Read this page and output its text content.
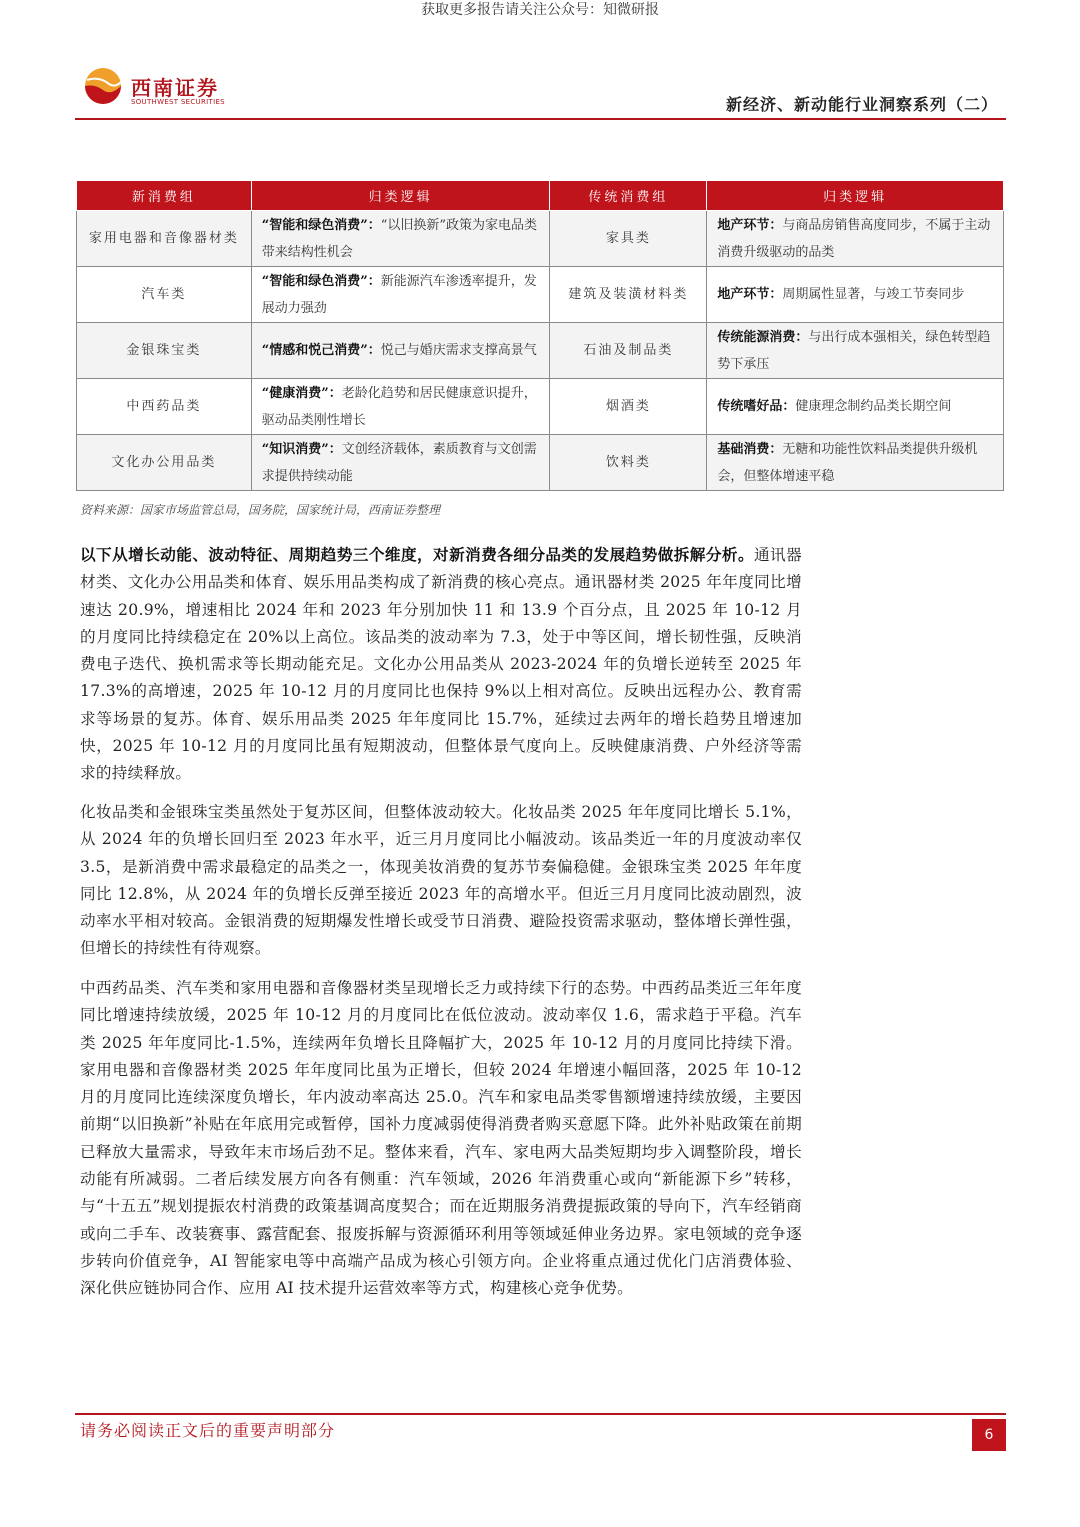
获取更多报告请关注公众号：知微研报
西南证券
SOUTHWEST SECURITIES	新经济、新动能行业洞察系列（二）
新消费组	归类逻辑	传统消费组	归类逻辑
家用电器和音像器材类	“智能和绿色消费”：“以旧换新”政策为家电品类带来结构性机会	家具类	地产环节：与商品房销售高度同步，不属于主动消费升级驱动的品类
汽车类	“智能和绿色消费”：新能源汽车渗透率提升，发展动力强劲	建筑及装潢材料类	地产环节：周期属性显著，与竣工节奏同步
金银珠宝类	“情感和悦己消费”：悦己与婚庆需求支撑高景气	石油及制品类	传统能源消费：与出行成本强相关，绿色转型趋势下承压
中西药品类	“健康消费”：老龄化趋势和居民健康意识提升，驱动品类刚性增长	烟酒类	传统嗜好品：健康理念制约品类长期空间
文化办公用品类	“知识消费”：文创经济载体，素质教育与文创需求提供持续动能	饮料类	基础消费：无糖和功能性饮料品类提供升级机会，但整体增速平稳
资料来源：国家市场监管总局，国务院，国家统计局，西南证券整理

以下从增长动能、波动特征、周期趋势三个维度，对新消费各细分品类的发展趋势做拆解分析。通讯器材类、文化办公用品类和体育、娱乐用品类构成了新消费的核心亮点。通讯器材类 2025 年年度同比增速达 20.9%，增速相比 2024 年和 2023 年分别加快 11 和 13.9 个百分点，且 2025 年 10-12 月的月度同比持续稳定在 20%以上高位。该品类的波动率为 7.3，处于中等区间，增长韧性强，反映消费电子迭代、换机需求等长期动能充足。文化办公用品类从 2023-2024 年的负增长逆转至 2025 年 17.3%的高增速，2025 年 10-12 月的月度同比也保持 9%以上相对高位。反映出远程办公、教育需求等场景的复苏。体育、娱乐用品类 2025 年年度同比 15.7%，延续过去两年的增长趋势且增速加快，2025 年 10-12 月的月度同比虽有短期波动，但整体景气度向上。反映健康消费、户外经济等需求的持续释放。

化妆品类和金银珠宝类虽然处于复苏区间，但整体波动较大。化妆品类 2025 年年度同比增长 5.1%，从 2024 年的负增长回归至 2023 年水平，近三月月度同比小幅波动。该品类近一年的月度波动率仅 3.5，是新消费中需求最稳定的品类之一，体现美妆消费的复苏节奏偏稳健。金银珠宝类 2025 年年度同比 12.8%，从 2024 年的负增长反弹至接近 2023 年的高增水平。但近三月月度同比波动剧烈，波动率水平相对较高。金银消费的短期爆发性增长或受节日消费、避险投资需求驱动，整体增长弹性强，但增长的持续性有待观察。

中西药品类、汽车类和家用电器和音像器材类呈现增长乏力或持续下行的态势。中西药品类近三年年度同比增速持续放缓，2025 年 10-12 月的月度同比在低位波动。波动率仅 1.6，需求趋于平稳。汽车类 2025 年年度同比-1.5%，连续两年负增长且降幅扩大，2025 年 10-12 月的月度同比持续下滑。家用电器和音像器材类 2025 年年度同比虽为正增长，但较 2024 年增速小幅回落，2025 年 10-12 月的月度同比连续深度负增长，年内波动率高达 25.0。汽车和家电品类零售额增速持续放缓，主要因前期“以旧换新”补贴在年底用完或暂停，国补力度减弱使得消费者购买意愿下降。此外补贴政策在前期已释放大量需求，导致年末市场后劲不足。整体来看，汽车、家电两大品类短期均步入调整阶段，增长动能有所减弱。二者后续发展方向各有侧重：汽车领域，2026 年消费重心或向“新能源下乡”转移，与“十五五”规划提振农村消费的政策基调高度契合；而在近期服务消费提振政策的导向下，汽车经销商或向二手车、改装赛事、露营配套、报废拆解与资源循环利用等领域延伸业务边界。家电领域的竞争逐步转向价值竞争，AI 智能家电等中高端产品成为核心引领方向。企业将重点通过优化门店消费体验、深化供应链协同合作、应用 AI 技术提升运营效率等方式，构建核心竞争优势。

请务必阅读正文后的重要声明部分	6
